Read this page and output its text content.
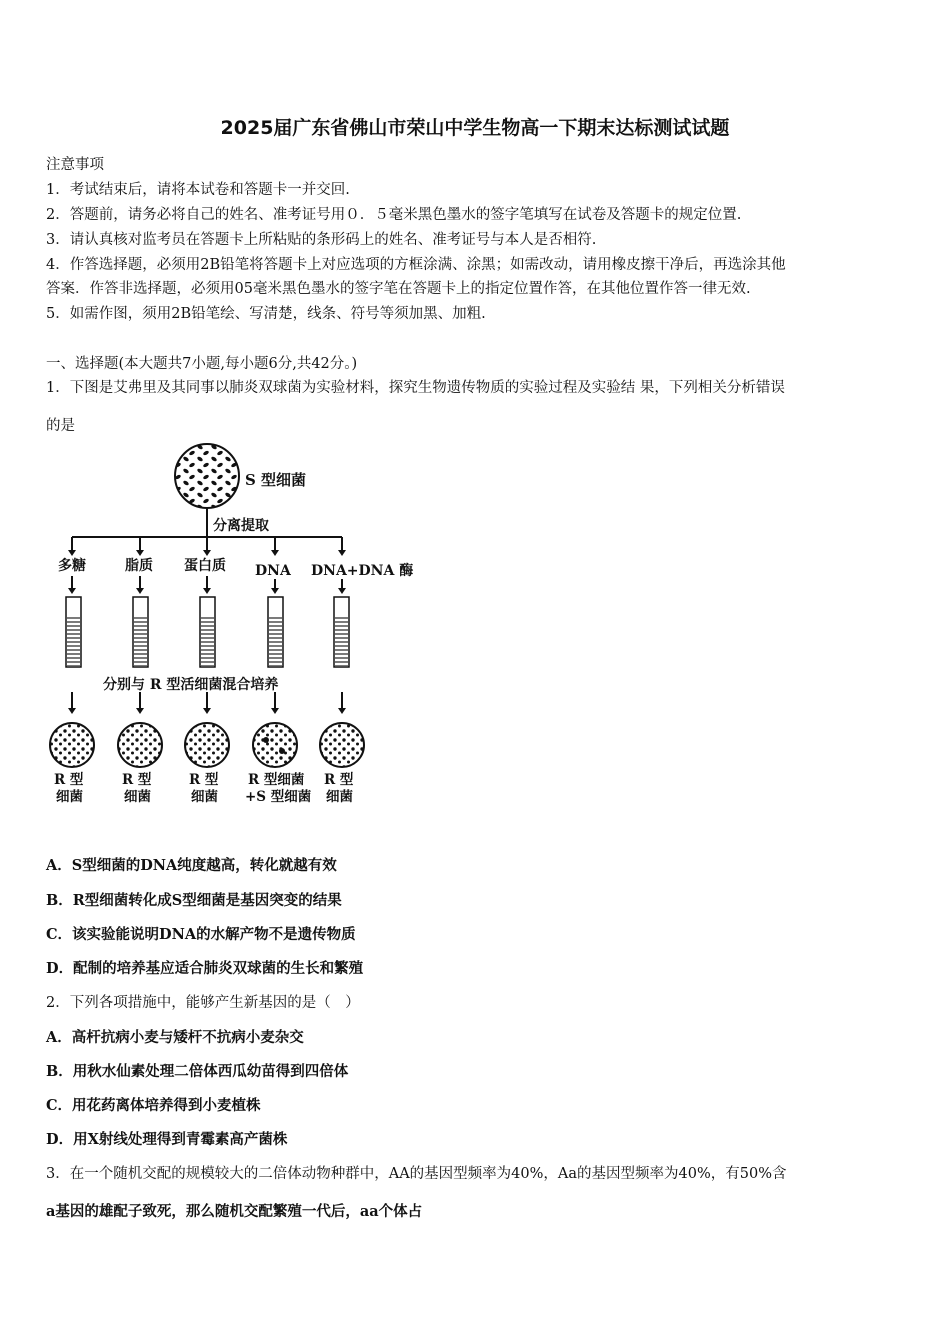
2025届广东省佛山市荣山中学生物高一下期末达标测试试题
注意事项
1．考试结束后，请将本试卷和答题卡一并交回.
2．答题前，请务必将自己的姓名、准考证号用０．５毫米黑色墨水的签字笔填写在试卷及答题卡的规定位置.
3．请认真核对监考员在答题卡上所粘贴的条形码上的姓名、准考证号与本人是否相符.
4．作答选择题，必须用2B铅笔将答题卡上对应选项的方框涂满、涂黑；如需改动，请用橡皮擦干净后，再选涂其他
答案．作答非选择题，必须用05毫米黑色墨水的签字笔在答题卡上的指定位置作答，在其他位置作答一律无效.
5．如需作图，须用2B铅笔绘、写清楚，线条、符号等须加黑、加粗.
一、选择题(本大题共7小题,每小题6分,共42分。)
1．下图是艾弗里及其同事以肺炎双球菌为实验材料，探究生物遗传物质的实验过程及实验结 果，下列相关分析错误
的是
S 型细菌
分离提取
多糖
R 型
细菌
脂质
R 型
细菌
蛋白质
R 型
细菌
DNA
R 型细菌
+S 型细菌
DNA+DNA 酶
R 型
细菌
分别与 R 型活细菌混合培养
A．S型细菌的DNA纯度越高，转化就越有效
B．R型细菌转化成S型细菌是基因突变的结果
C．该实验能说明DNA的水解产物不是遗传物质
D．配制的培养基应适合肺炎双球菌的生长和繁殖
2．下列各项措施中，能够产生新基因的是（　）
A．高杆抗病小麦与矮杆不抗病小麦杂交
B．用秋水仙素处理二倍体西瓜幼苗得到四倍体
C．用花药离体培养得到小麦植株
D．用X射线处理得到青霉素高产菌株
3．在一个随机交配的规模较大的二倍体动物种群中，AA的基因型频率为40%，Aa的基因型频率为40%，有50%含
a基因的雄配子致死，那么随机交配繁殖一代后，aa个体占
